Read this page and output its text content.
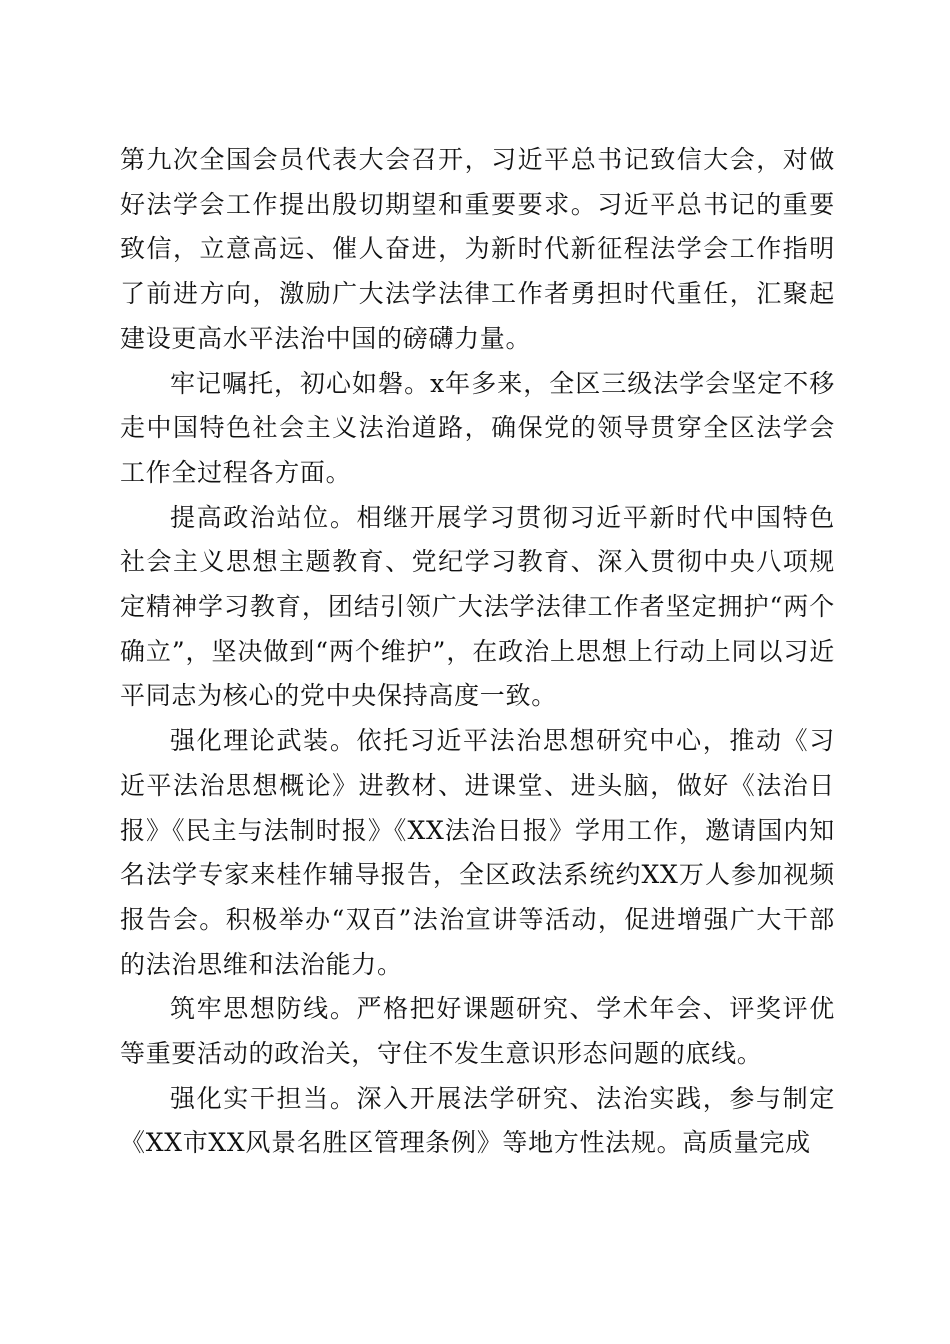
第九次全国会员代表大会召开，习近平总书记致信大会，对做好法学会工作提出殷切期望和重要要求。习近平总书记的重要致信，立意高远、催人奋进，为新时代新征程法学会工作指明了前进方向，激励广大法学法律工作者勇担时代重任，汇聚起建设更高水平法治中国的磅礴力量。

牢记嘱托，初心如磐。x年多来，全区三级法学会坚定不移走中国特色社会主义法治道路，确保党的领导贯穿全区法学会工作全过程各方面。

提高政治站位。相继开展学习贯彻习近平新时代中国特色社会主义思想主题教育、党纪学习教育、深入贯彻中央八项规定精神学习教育，团结引领广大法学法律工作者坚定拥护“两个确立”，坚决做到“两个维护”，在政治上思想上行动上同以习近平同志为核心的党中央保持高度一致。

强化理论武装。依托习近平法治思想研究中心，推动《习近平法治思想概论》进教材、进课堂、进头脑，做好《法治日报》《民主与法制时报》《XX法治日报》学用工作，邀请国内知名法学专家来桂作辅导报告，全区政法系统约XX万人参加视频报告会。积极举办“双百”法治宣讲等活动，促进增强广大干部的法治思维和法治能力。

筑牢思想防线。严格把好课题研究、学术年会、评奖评优等重要活动的政治关，守住不发生意识形态问题的底线。

强化实干担当。深入开展法学研究、法治实践，参与制定《XX市XX风景名胜区管理条例》等地方性法规。高质量完成
